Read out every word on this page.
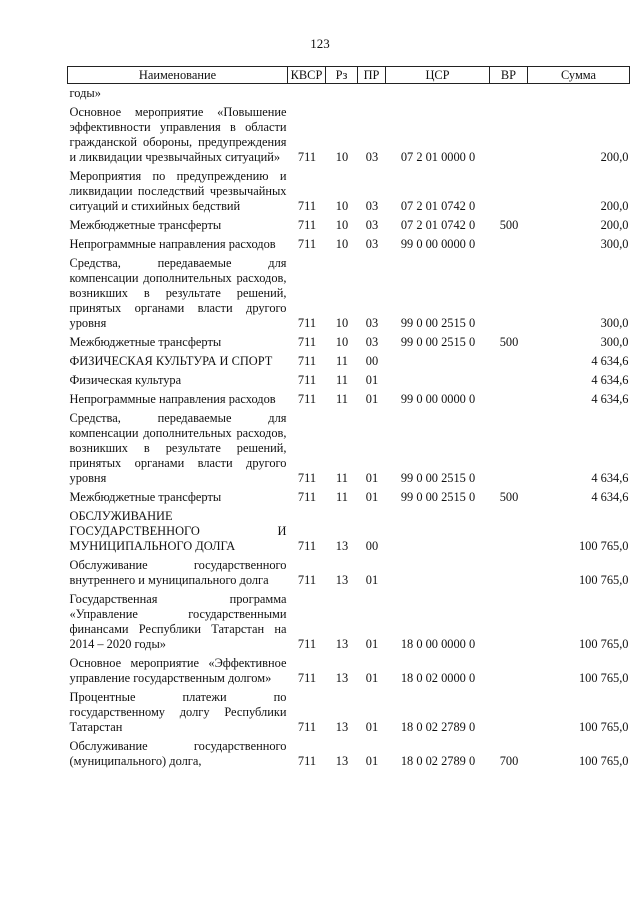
123
Наименование	КВСР	Рз	ПР	ЦСР	ВР	Сумма
годы»						
Основное мероприятие «Повышение эффективности управления в области гражданской обороны, предупреждения и ликвидации чрезвычайных ситуаций»	711	10	03	07 2 01 0000 0		200,0
Мероприятия по предупреждению и ликвидации последствий чрезвычайных ситуаций и стихийных бедствий	711	10	03	07 2 01 0742 0		200,0
Межбюджетные трансферты	711	10	03	07 2 01 0742 0	500	200,0
Непрограммные направления расходов	711	10	03	99 0 00 0000 0		300,0
Средства, передаваемые для компенсации дополнительных расходов, возникших в результате решений, принятых органами власти другого уровня	711	10	03	99 0 00 2515 0		300,0
Межбюджетные трансферты	711	10	03	99 0 00 2515 0	500	300,0
ФИЗИЧЕСКАЯ КУЛЬТУРА И СПОРТ	711	11	00			4 634,6
Физическая культура	711	11	01			4 634,6
Непрограммные направления расходов	711	11	01	99 0 00 0000 0		4 634,6
Средства, передаваемые для компенсации дополнительных расходов, возникших в результате решений, принятых органами власти другого уровня	711	11	01	99 0 00 2515 0		4 634,6
Межбюджетные трансферты	711	11	01	99 0 00 2515 0	500	4 634,6
ОБСЛУЖИВАНИЕ ГОСУДАРСТВЕННОГО И МУНИЦИПАЛЬНОГО ДОЛГА	711	13	00			100 765,0
Обслуживание государственного внутреннего и муниципального долга	711	13	01			100 765,0
Государственная программа «Управление государственными финансами Республики Татарстан на 2014 – 2020 годы»	711	13	01	18 0 00 0000 0		100 765,0
Основное мероприятие «Эффективное управление государственным долгом»	711	13	01	18 0 02 0000 0		100 765,0
Процентные платежи по государственному долгу Республики Татарстан	711	13	01	18 0 02 2789 0		100 765,0
Обслуживание государственного (муниципального) долга,	711	13	01	18 0 02 2789 0	700	100 765,0
